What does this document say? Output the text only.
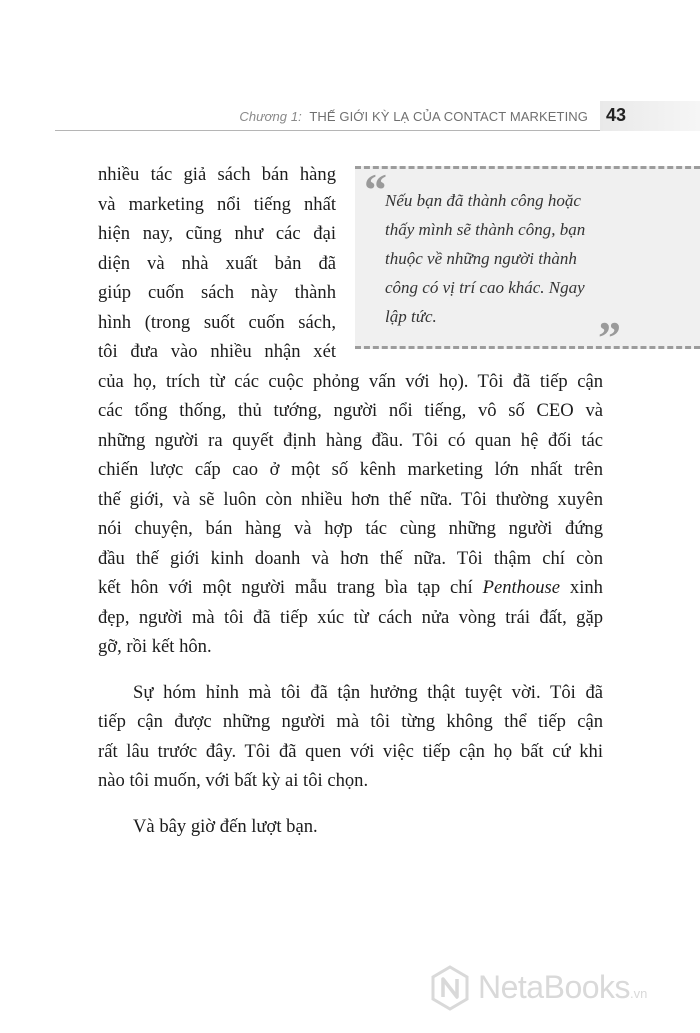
Chương 1: THẾ GIỚI KỲ LẠ CỦA CONTACT MARKETING 43
“
Nếu bạn đã thành công hoặc
thấy mình sẽ thành công, bạn
thuộc về những người thành
công có vị trí cao khác. Ngay
lập tức.	”
nhiều tác giả sách bán hàng
và marketing nổi tiếng nhất
hiện nay, cũng như các đại
diện và nhà xuất bản đã
giúp cuốn sách này thành
hình (trong suốt cuốn sách,
tôi đưa vào nhiều nhận xét
của họ, trích từ các cuộc phỏng vấn với họ). Tôi đã tiếp cận
các tổng thống, thủ tướng, người nổi tiếng, vô số CEO và
những người ra quyết định hàng đầu. Tôi có quan hệ đối tác
chiến lược cấp cao ở một số kênh marketing lớn nhất trên
thế giới, và sẽ luôn còn nhiều hơn thế nữa. Tôi thường xuyên
nói chuyện, bán hàng và hợp tác cùng những người đứng
đầu thế giới kinh doanh và hơn thế nữa. Tôi thậm chí còn
kết hôn với một người mẫu trang bìa tạp chí Penthouse xinh
đẹp, người mà tôi đã tiếp xúc từ cách nửa vòng trái đất, gặp
gỡ, rồi kết hôn.
Sự hóm hỉnh mà tôi đã tận hưởng thật tuyệt vời. Tôi đã
tiếp cận được những người mà tôi từng không thể tiếp cận
rất lâu trước đây. Tôi đã quen với việc tiếp cận họ bất cứ khi
nào tôi muốn, với bất kỳ ai tôi chọn.
Và bây giờ đến lượt bạn.
NetaBooks.vn
